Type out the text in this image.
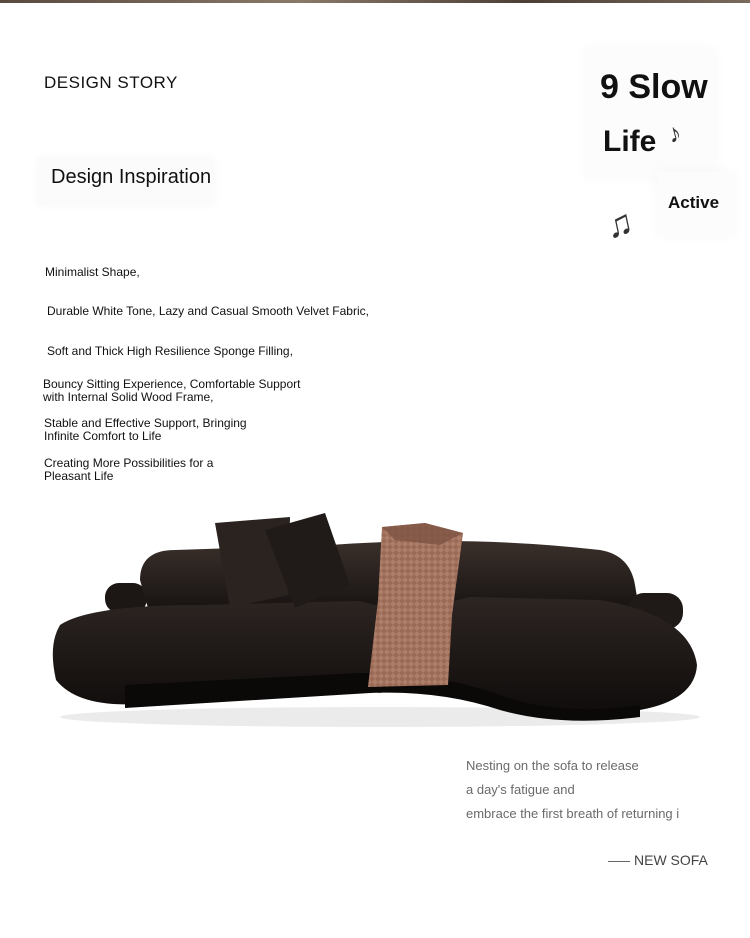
DESIGN STORY
Design Inspiration
9 Slow
Life ♪
Active
♫
Minimalist Shape,
Durable White Tone, Lazy and Casual Smooth Velvet Fabric,
Soft and Thick High Resilience Sponge Filling,
Bouncy Sitting Experience, Comfortable Support
with Internal Solid Wood Frame,
Stable and Effective Support, Bringing
Infinite Comfort to Life
Creating More Possibilities for a
Pleasant Life
Nesting on the sofa to release
a day's fatigue and
embrace the first breath of returning i
NEW SOFA
